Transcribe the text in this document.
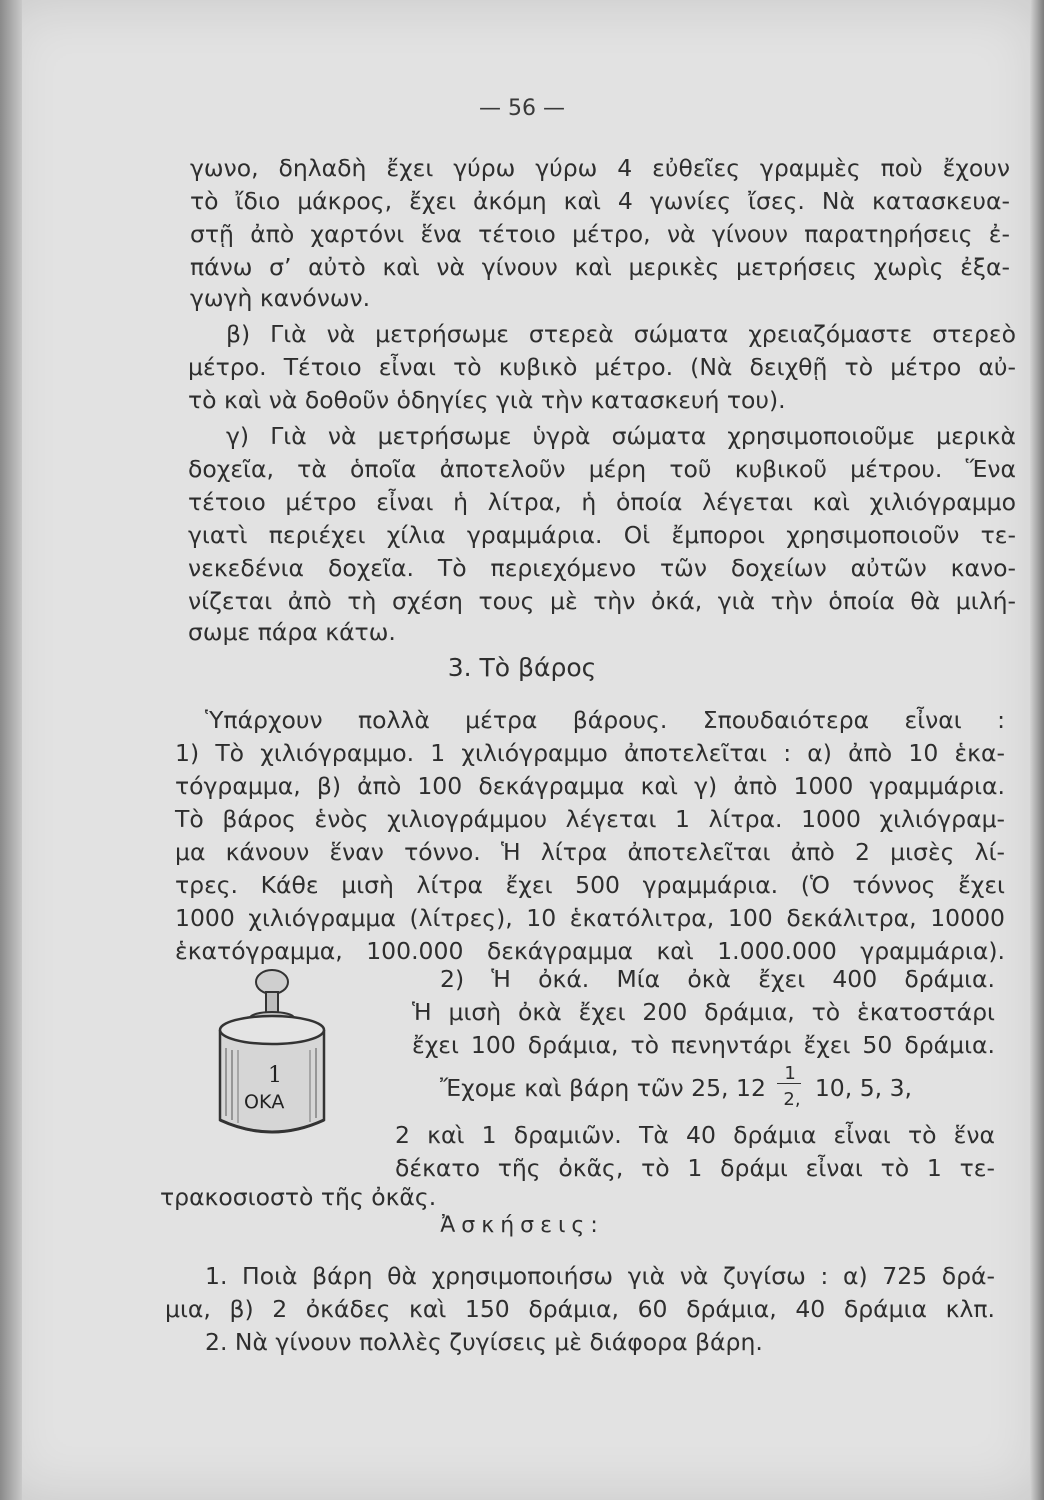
— 56 —
γωνο, δηλαδὴ ἔχει γύρω γύρω 4 εὐθεῖες γραμμὲς ποὺ ἔχουν
τὸ ἴδιο μάκρος, ἔχει ἀκόμη καὶ 4 γωνίες ἴσες. Νὰ κατασκευα-
στῇ ἀπὸ χαρτόνι ἕνα τέτοιο μέτρο, νὰ γίνουν παρατηρήσεις ἐ-
πάνω σ’ αὐτὸ καὶ νὰ γίνουν καὶ μερικὲς μετρήσεις χωρὶς ἐξα-
γωγὴ κανόνων.
β) Γιὰ νὰ μετρήσωμε στερεὰ σώματα χρειαζόμαστε στερεὸ
μέτρο. Τέτοιο εἶναι τὸ κυβικὸ μέτρο. (Νὰ δειχθῇ τὸ μέτρο αὐ-
τὸ καὶ νὰ δοθοῦν ὁδηγίες γιὰ τὴν κατασκευή του).
γ) Γιὰ νὰ μετρήσωμε ὑγρὰ σώματα χρησιμοποιοῦμε μερικὰ
δοχεῖα, τὰ ὁποῖα ἀποτελοῦν μέρη τοῦ κυβικοῦ μέτρου. Ἕνα
τέτοιο μέτρο εἶναι ἡ λίτρα, ἡ ὁποία λέγεται καὶ χιλιόγραμμο
γιατὶ περιέχει χίλια γραμμάρια. Οἱ ἔμποροι χρησιμοποιοῦν τε-
νεκεδένια δοχεῖα. Τὸ περιεχόμενο τῶν δοχείων αὐτῶν κανο-
νίζεται ἀπὸ τὴ σχέση τους μὲ τὴν ὀκά, γιὰ τὴν ὁποία θὰ μιλή-
σωμε πάρα κάτω.
3. Τὸ βάρος
Ὑπάρχουν πολλὰ μέτρα βάρους. Σπουδαιότερα εἶναι :
1) Τὸ χιλιόγραμμο. 1 χιλιόγραμμο ἀποτελεῖται : α) ἀπὸ 10 ἑκα-
τόγραμμα, β) ἀπὸ 100 δεκάγραμμα καὶ γ) ἀπὸ 1000 γραμμάρια.
Τὸ βάρος ἑνὸς χιλιογράμμου λέγεται 1 λίτρα. 1000 χιλιόγραμ-
μα κάνουν ἕναν τόννο. Ἡ λίτρα ἀποτελεῖται ἀπὸ 2 μισὲς λί-
τρες. Κάθε μισὴ λίτρα ἔχει 500 γραμμάρια. (Ὁ τόννος ἔχει
1000 χιλιόγραμμα (λίτρες), 10 ἑκατόλιτρα, 100 δεκάλιτρα, 10000
ἑκατόγραμμα, 100.000 δεκάγραμμα καὶ 1.000.000 γραμμάρια).
1
ΟΚΑ
2) Ἡ ὀκά. Μία ὀκὰ ἔχει 400 δράμια.
Ἡ μισὴ ὀκὰ ἔχει 200 δράμια, τὸ ἑκατοστάρι
ἔχει 100 δράμια, τὸ πενηντάρι ἔχει 50 δράμια.
Ἔχομε καὶ βάρη τῶν 25, $12 \frac{1}{2,} 10$, 5, 3,
2 καὶ 1 δραμιῶν. Τὰ 40 δράμια εἶναι τὸ ἕνα
δέκατο τῆς ὀκᾶς, τὸ 1 δράμι εἶναι τὸ 1 τε-
τρακοσιοστὸ τῆς ὀκᾶς.
Ἀσκήσεις:
1. Ποιὰ βάρη θὰ χρησιμοποιήσω γιὰ νὰ ζυγίσω : α) 725 δρά-
μια, β) 2 ὀκάδες καὶ 150 δράμια, 60 δράμια, 40 δράμια κλπ.
2. Νὰ γίνουν πολλὲς ζυγίσεις μὲ διάφορα βάρη.
